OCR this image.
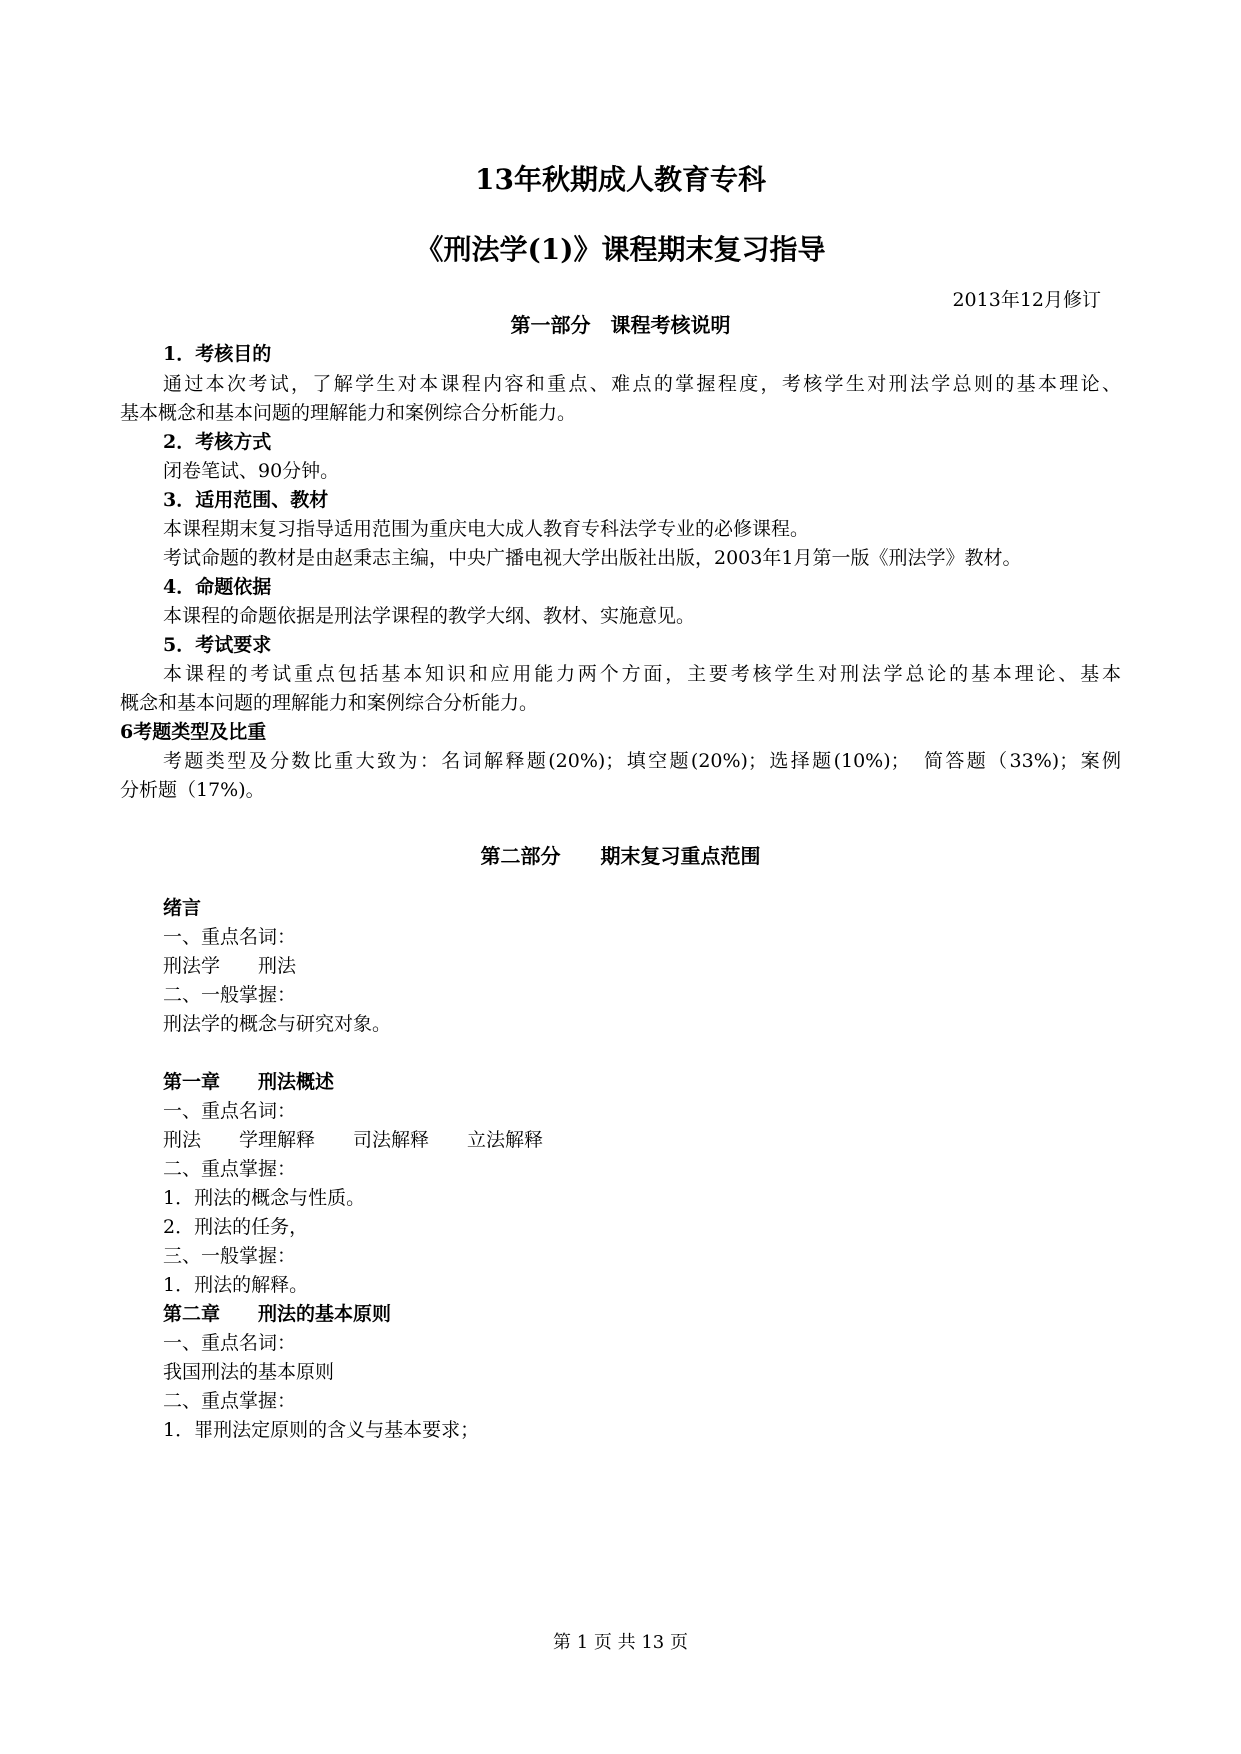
13年秋期成人教育专科
《刑法学(1)》课程期末复习指导
2013年12月修订
第一部分　课程考核说明
1．考核目的
通过本次考试，了解学生对本课程内容和重点、难点的掌握程度，考核学生对刑法学总则的基本理论、
基本概念和基本问题的理解能力和案例综合分析能力。
2．考核方式
闭卷笔试、90分钟。
3．适用范围、教材
本课程期末复习指导适用范围为重庆电大成人教育专科法学专业的必修课程。
考试命题的教材是由赵秉志主编，中央广播电视大学出版社出版，2003年1月第一版《刑法学》教材。
4．命题依据
本课程的命题依据是刑法学课程的教学大纲、教材、实施意见。
5．考试要求
本课程的考试重点包括基本知识和应用能力两个方面，主要考核学生对刑法学总论的基本理论、基本
概念和基本问题的理解能力和案例综合分析能力。
6考题类型及比重
考题类型及分数比重大致为：名词解释题(20%)；填空题(20%)；选择题(10%)；　简答题（33%)；案例
分析题（17%)。
第二部分　　期末复习重点范围
绪言
一、重点名词：
刑法学　　刑法
二、一般掌握：
刑法学的概念与研究对象。
第一章　　刑法概述
一、重点名词：
刑法　　学理解释　　司法解释　　立法解释
二、重点掌握：
1．刑法的概念与性质。
2．刑法的任务，
三、一般掌握：
1．刑法的解释。
第二章　　刑法的基本原则
一、重点名词：
我国刑法的基本原则
二、重点掌握：
1．罪刑法定原则的含义与基本要求；
第 1 页 共 13 页
